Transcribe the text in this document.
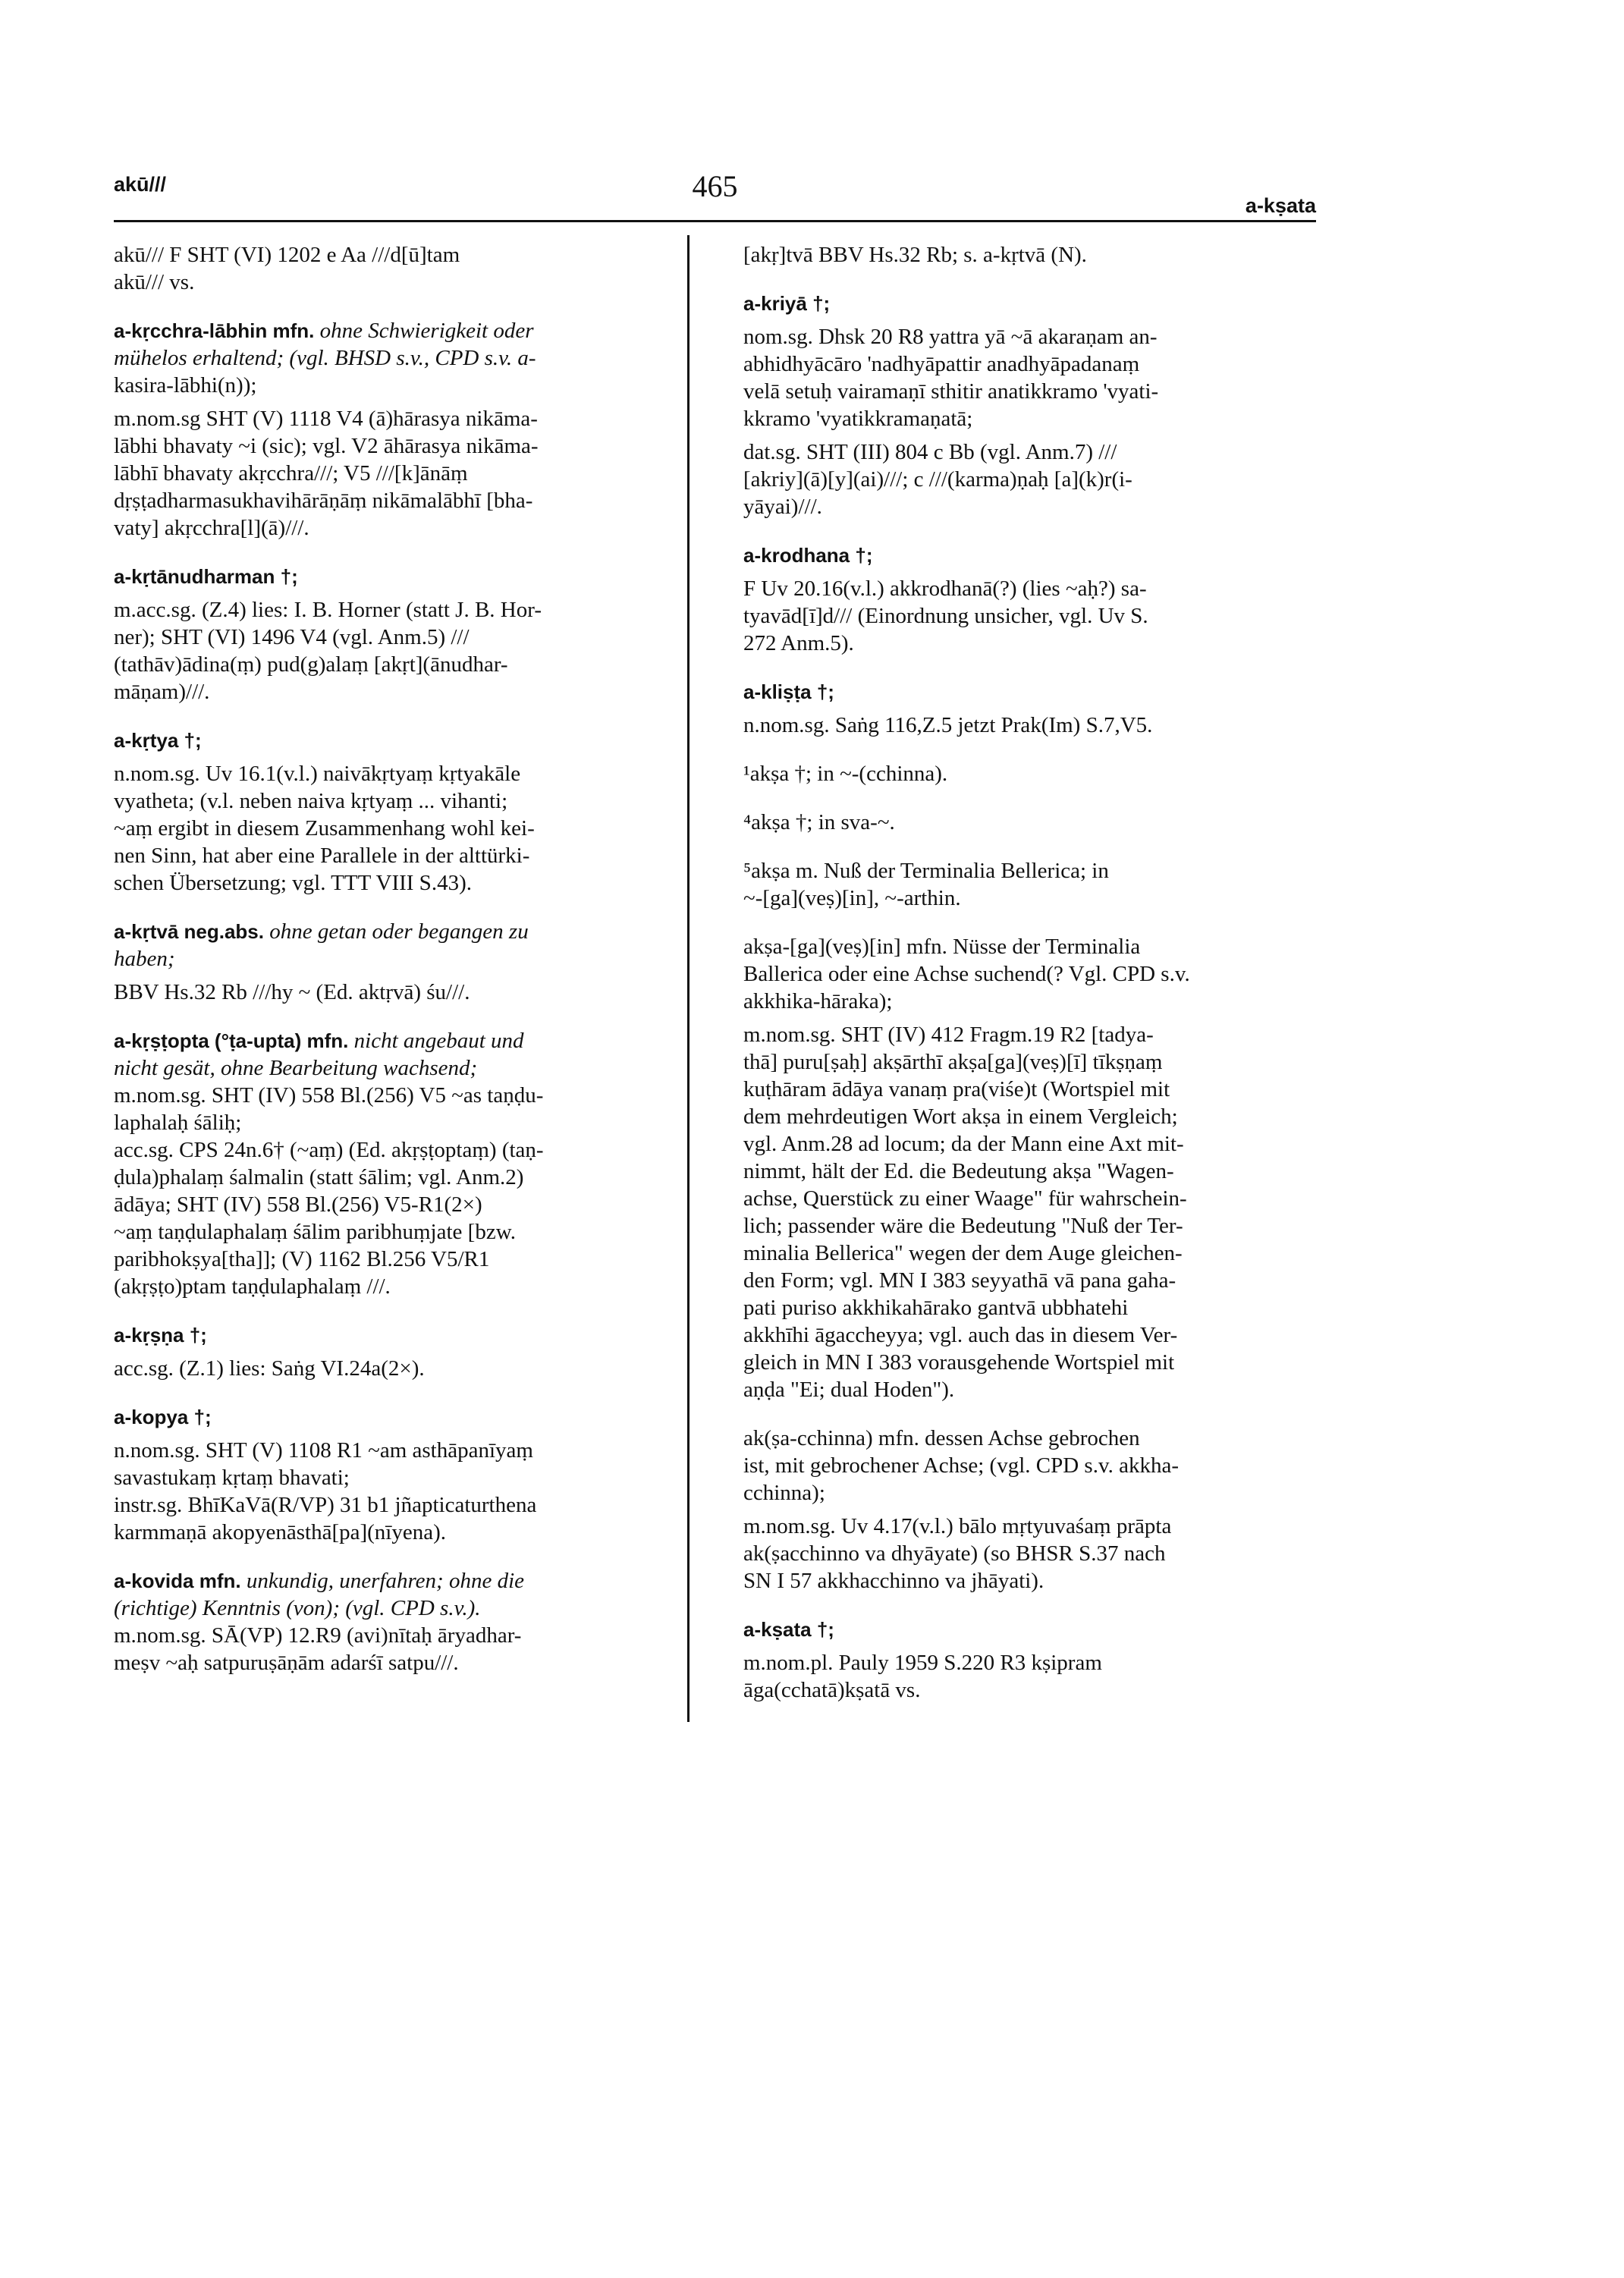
akū///	465
a-kṣata
akū/// F SHT (VI) 1202 e Aa ///d[ū]tam
akū/// vs.
a-kṛcchra-lābhin mfn. ohne Schwierigkeit oder
mühelos erhaltend; (vgl. BHSD s.v., CPD s.v. a-
kasira-lābhi(n));
m.nom.sg SHT (V) 1118 V4 (ā)hārasya nikāma-
lābhi bhavaty ~i (sic); vgl. V2 āhārasya nikāma-
lābhī bhavaty akṛcchra///; V5 ///[k]ānāṃ
dṛṣṭadharmasukhavihārāṇāṃ nikāmalābhī [bha-
vaty] akṛcchra[l](ā)///.
a-kṛtānudharman †;
m.acc.sg. (Z.4) lies: I. B. Horner (statt J. B. Hor-
ner); SHT (VI) 1496 V4 (vgl. Anm.5) ///
(tathāv)ādina(ṃ) pud(g)alaṃ [akṛt](ānudhar-
māṇam)///.
a-kṛtya †;
n.nom.sg. Uv 16.1(v.l.) naivākṛtyaṃ kṛtyakāle
vyatheta; (v.l. neben naiva kṛtyaṃ ... vihanti;
~aṃ ergibt in diesem Zusammenhang wohl kei-
nen Sinn, hat aber eine Parallele in der alttürki-
schen Übersetzung; vgl. TTT VIII S.43).
a-kṛtvā neg.abs. ohne getan oder begangen zu
haben;
BBV Hs.32 Rb ///hy ~ (Ed. aktṛvā) śu///.
a-kṛṣṭopta (°ṭa-upta) mfn. nicht angebaut und
nicht gesät, ohne Bearbeitung wachsend;
m.nom.sg. SHT (IV) 558 Bl.(256) V5 ~as taṇḍu-
laphalaḥ śāliḥ;
acc.sg. CPS 24n.6† (~aṃ) (Ed. akṛṣṭoptaṃ) (taṇ-
ḍula)phalaṃ śalmalin (statt śālim; vgl. Anm.2)
ādāya; SHT (IV) 558 Bl.(256) V5-R1(2×)
~aṃ taṇḍulaphalaṃ śālim paribhuṃjate [bzw.
paribhokṣya[tha]]; (V) 1162 Bl.256 V5/R1
(akṛṣṭo)ptam taṇḍulaphalaṃ ///.
a-kṛṣṇa †;
acc.sg. (Z.1) lies: Saṅg VI.24a(2×).
a-kopya †;
n.nom.sg. SHT (V) 1108 R1 ~am asthāpanīyaṃ
savastukaṃ kṛtaṃ bhavati;
instr.sg. BhīKaVā(R/VP) 31 b1 jñapticaturthena
karmmaṇā akopyenāsthā[pa](nīyena).
a-kovida mfn. unkundig, unerfahren; ohne die
(richtige) Kenntnis (von); (vgl. CPD s.v.).
m.nom.sg. SĀ(VP) 12.R9 (avi)nītaḥ āryadhar-
meṣv ~aḥ satpuruṣāṇām adarśī satpu///.
[akṛ]tvā BBV Hs.32 Rb; s. a-kṛtvā (N).
a-kriyā †;
nom.sg. Dhsk 20 R8 yattra yā ~ā akaraṇam an-
abhidhyācāro 'nadhyāpattir anadhyāpadanaṃ
velā setuḥ vairamaṇī sthitir anatikkramo 'vyati-
kkramo 'vyatikkramaṇatā;
dat.sg. SHT (III) 804 c Bb (vgl. Anm.7) ///
[akriy](ā)[y](ai)///; c ///(karma)ṇaḥ [a](k)r(i-
yāyai)///.
a-krodhana †;
F Uv 20.16(v.l.) akkrodhanā(?) (lies ~aḥ?) sa-
tyavād[ī]d/// (Einordnung unsicher, vgl. Uv S.
272 Anm.5).
a-kliṣṭa †;
n.nom.sg. Saṅg 116,Z.5 jetzt Prak(Im) S.7,V5.
¹akṣa †; in ~-(cchinna).
⁴akṣa †; in sva-~.
⁵akṣa m. Nuß der Terminalia Bellerica; in
~-[ga](veṣ)[in], ~-arthin.
akṣa-[ga](veṣ)[in] mfn. Nüsse der Terminalia
Ballerica oder eine Achse suchend(? Vgl. CPD s.v.
akkhika-hāraka);
m.nom.sg. SHT (IV) 412 Fragm.19 R2 [tadya-
thā] puru[ṣaḥ] akṣārthī akṣa[ga](veṣ)[ī] tīkṣṇaṃ
kuṭhāram ādāya vanaṃ pra(viśe)t (Wortspiel mit
dem mehrdeutigen Wort akṣa in einem Vergleich;
vgl. Anm.28 ad locum; da der Mann eine Axt mit-
nimmt, hält der Ed. die Bedeutung akṣa "Wagen-
achse, Querstück zu einer Waage" für wahrschein-
lich; passender wäre die Bedeutung "Nuß der Ter-
minalia Bellerica" wegen der dem Auge gleichen-
den Form; vgl. MN I 383 seyyathā vā pana gaha-
pati puriso akkhikahārako gantvā ubbhatehi
akkhīhi āgaccheyya; vgl. auch das in diesem Ver-
gleich in MN I 383 vorausgehende Wortspiel mit
aṇḍa "Ei; dual Hoden").
ak(ṣa-cchinna) mfn. dessen Achse gebrochen
ist, mit gebrochener Achse; (vgl. CPD s.v. akkha-
cchinna);
m.nom.sg. Uv 4.17(v.l.) bālo mṛtyuvaśaṃ prāpta
ak(ṣacchinno va dhyāyate) (so BHSR S.37 nach
SN I 57 akkhacchinno va jhāyati).
a-kṣata †;
m.nom.pl. Pauly 1959 S.220 R3 kṣipram
āga(cchatā)kṣatā vs.
